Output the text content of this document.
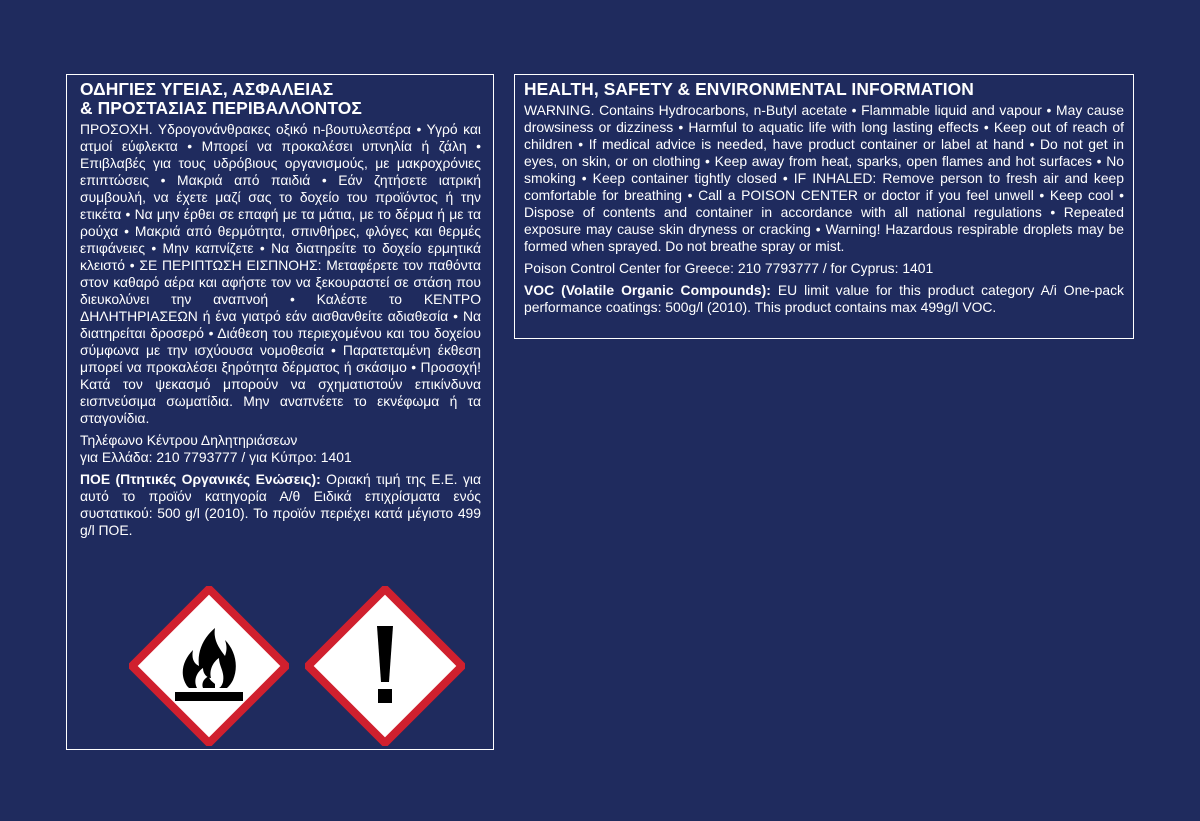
ΟΔΗΓΙΕΣ ΥΓΕΙΑΣ, ΑΣΦΑΛΕΙΑΣ
& ΠΡΟΣΤΑΣΙΑΣ ΠΕΡΙΒΑΛΛΟΝΤΟΣ

ΠΡΟΣΟΧΗ. Υδρογονάνθρακες οξικό n-βουτυλεστέρα • Υγρό και ατμοί εύφλεκτα • Μπορεί να προκαλέσει υπνηλία ή ζάλη • Επιβλαβές για τους υδρόβιους οργανισμούς, με μακροχρόνιες επιπτώσεις • Μακριά από παιδιά • Εάν ζητήσετε ιατρική συμβουλή, να έχετε μαζί σας το δοχείο του προϊόντος ή την ετικέτα • Να μην έρθει σε επαφή με τα μάτια, με το δέρμα ή με τα ρούχα • Μακριά από θερμότητα, σπινθήρες, φλόγες και θερμές επιφάνειες • Μην καπνίζετε • Να διατηρείτε το δοχείο ερμητικά κλειστό • ΣΕ ΠΕΡΙΠΤΩΣΗ ΕΙΣΠΝΟΗΣ: Μεταφέρετε τον παθόντα στον καθαρό αέρα και αφήστε τον να ξεκουραστεί σε στάση που διευκολύνει την αναπνοή • Καλέστε το ΚΕΝΤΡΟ ΔΗΛΗΤΗΡΙΑΣΕΩΝ ή ένα γιατρό εάν αισθανθείτε αδιαθεσία • Να διατηρείται δροσερό • Διάθεση του περιεχομένου και του δοχείου σύμφωνα με την ισχύουσα νομοθεσία • Παρατεταμένη έκθεση μπορεί να προκαλέσει ξηρότητα δέρματος ή σκάσιμο • Προσοχή! Κατά τον ψεκασμό μπορούν να σχηματιστούν επικίνδυνα εισπνεύσιμα σωματίδια. Μην αναπνέετε το εκνέφωμα ή τα σταγονίδια.

Τηλέφωνο Κέντρου Δηλητηριάσεων
για Ελλάδα: 210 7793777 / για Κύπρο: 1401

ΠΟΕ (Πτητικές Οργανικές Ενώσεις): Οριακή τιμή της Ε.Ε. για αυτό το προϊόν κατηγορία Α/θ Ειδικά επιχρίσματα ενός συστατικού: 500 g/l (2010). Το προϊόν περιέχει κατά μέγιστο 499 g/l ΠΟΕ.

HEALTH, SAFETY & ENVIRONMENTAL INFORMATION

WARNING. Contains Hydrocarbons, n-Butyl acetate • Flammable liquid and vapour • May cause drowsiness or dizziness • Harmful to aquatic life with long lasting effects • Keep out of reach of children • If medical advice is needed, have product container or label at hand • Do not get in eyes, on skin, or on clothing • Keep away from heat, sparks, open flames and hot surfaces • No smoking • Keep container tightly closed • IF INHALED: Remove person to fresh air and keep comfortable for breathing • Call a POISON CENTER or doctor if you feel unwell • Keep cool • Dispose of contents and container in accordance with all national regulations • Repeated exposure may cause skin dryness or cracking • Warning! Hazardous respirable droplets may be formed when sprayed. Do not breathe spray or mist.

Poison Control Center for Greece: 210 7793777 / for Cyprus: 1401

VOC (Volatile Organic Compounds): EU limit value for this product category A/i One-pack performance coatings: 500g/l (2010). This product contains max 499g/l VOC.
